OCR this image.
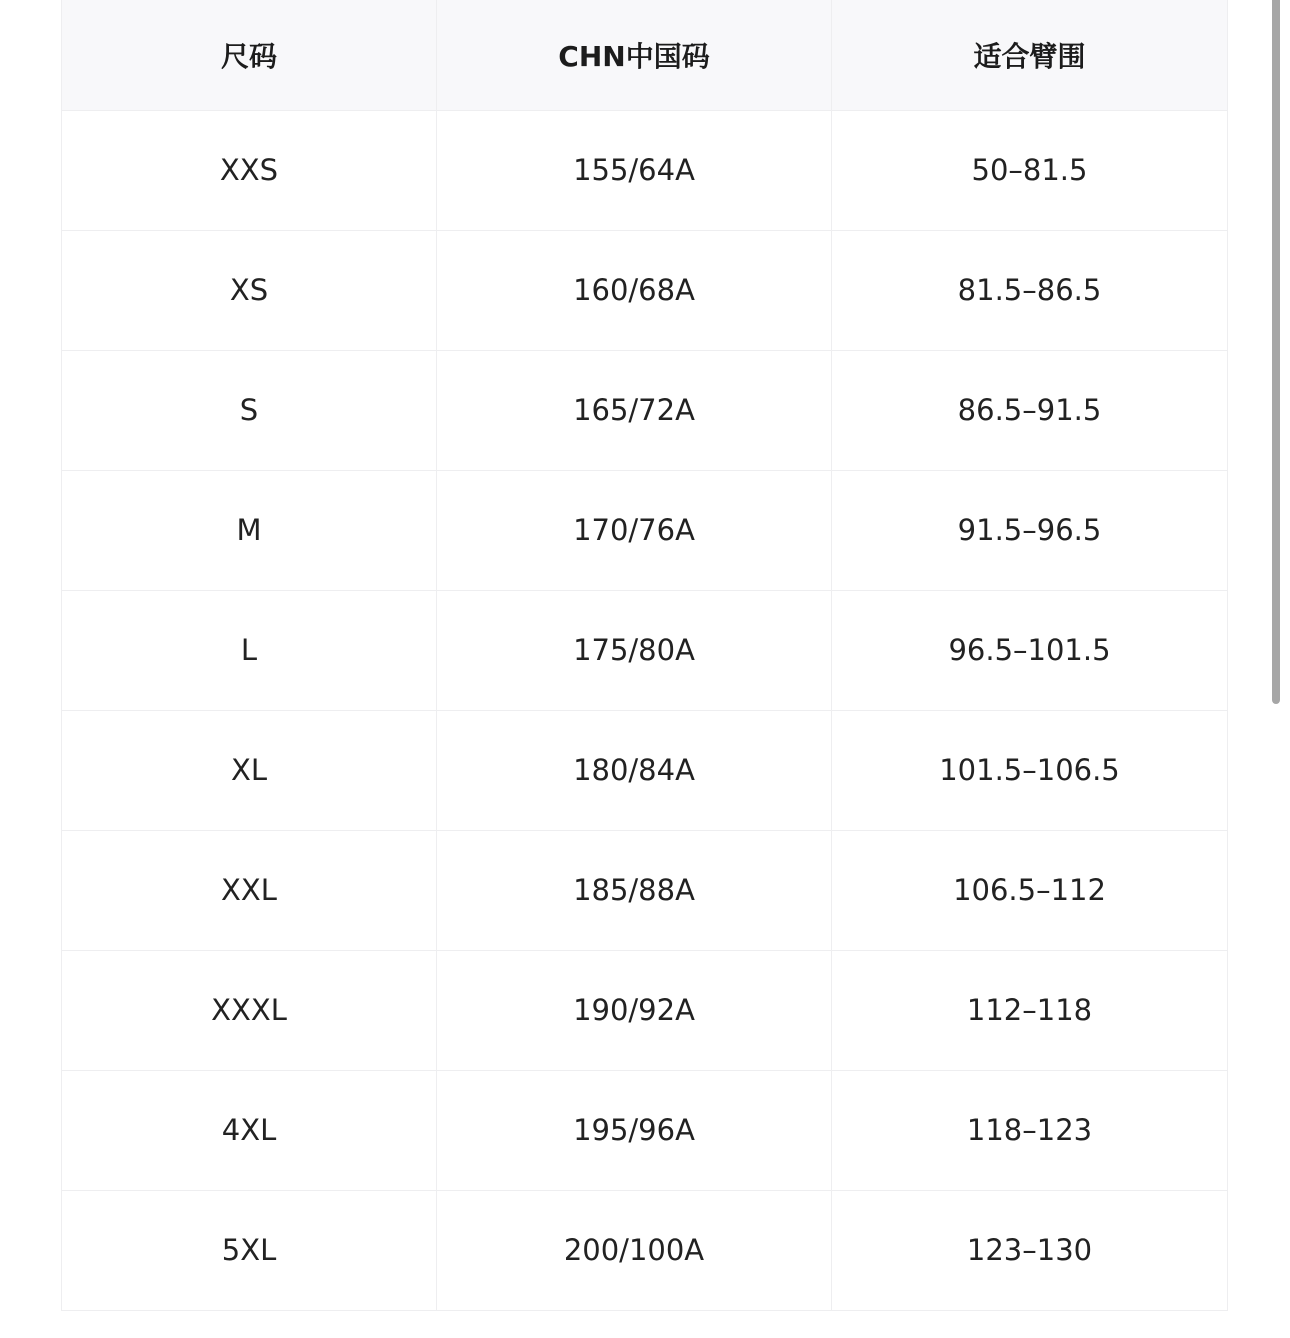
尺码	CHN中国码	适合臂围
XXS	155/64A	50–81.5
XS	160/68A	81.5–86.5
S	165/72A	86.5–91.5
M	170/76A	91.5–96.5
L	175/80A	96.5–101.5
XL	180/84A	101.5–106.5
XXL	185/88A	106.5–112
XXXL	190/92A	112–118
4XL	195/96A	118–123
5XL	200/100A	123–130
